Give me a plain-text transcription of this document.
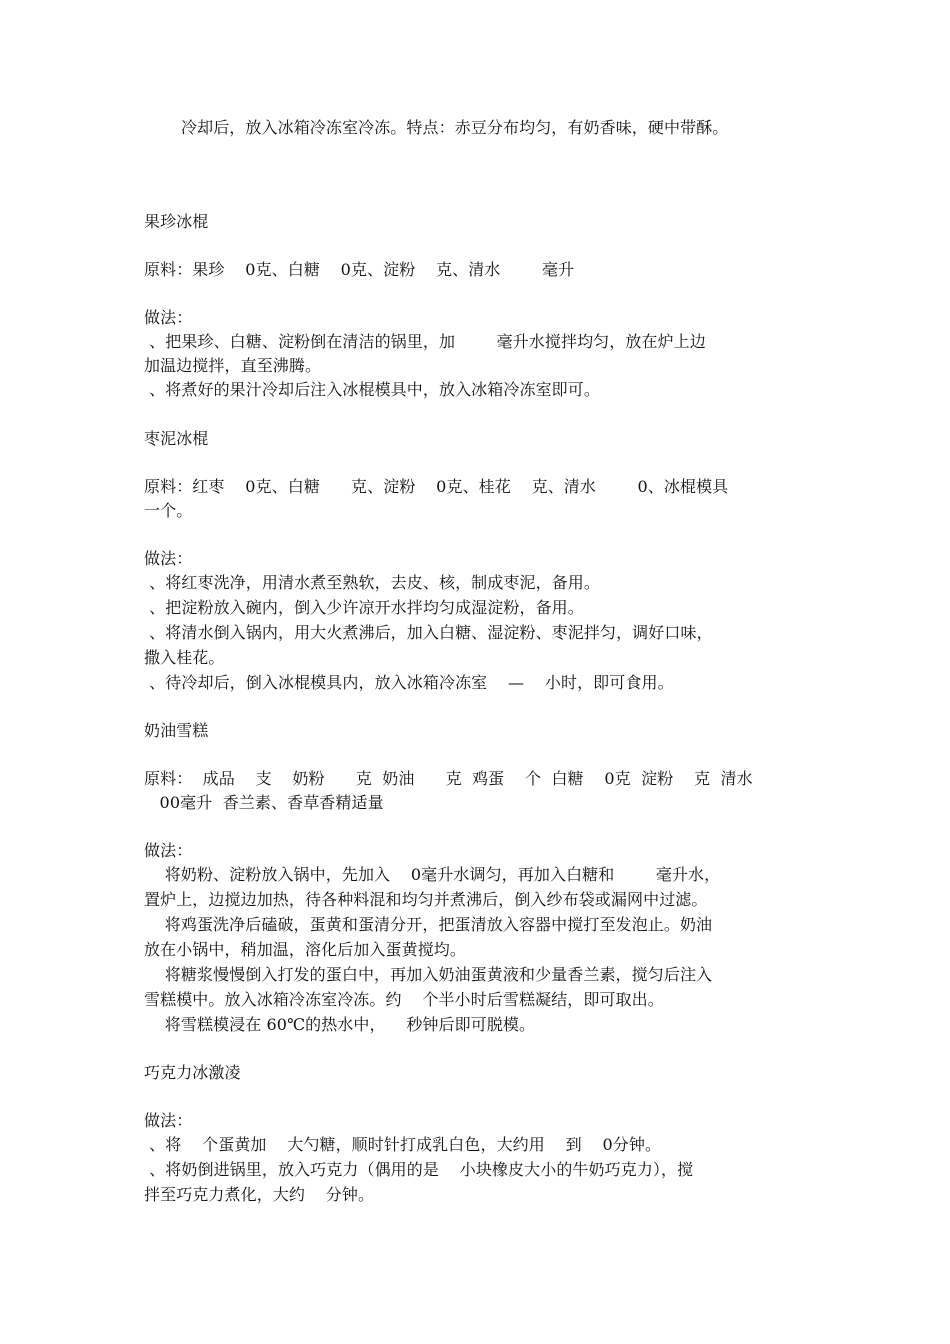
冷却后，放入冰箱冷冻室冷冻。特点：赤豆分布均匀，有奶香味，硬中带酥。
果珍冰棍
原料：果珍    0克、白糖    0克、淀粉    克、清水        毫升
做法：
、把果珍、白糖、淀粉倒在清洁的锅里，加        毫升水搅拌均匀，放在炉上边
加温边搅拌，直至沸腾。
、将煮好的果汁冷却后注入冰棍模具中，放入冰箱冷冻室即可。
枣泥冰棍
原料：红枣    0克、白糖      克、淀粉    0克、桂花    克、清水        0、冰棍模具
一个。
做法：
、将红枣洗净，用清水煮至熟软，去皮、核，制成枣泥，备用。
、把淀粉放入碗内，倒入少许凉开水拌均匀成湿淀粉，备用。
、将清水倒入锅内，用大火煮沸后，加入白糖、湿淀粉、枣泥拌匀，调好口味，
撒入桂花。
、待冷却后，倒入冰棍模具内，放入冰箱冷冻室    —    小时，即可食用。
奶油雪糕
原料：  成品    支    奶粉      克  奶油      克  鸡蛋    个  白糖    0克  淀粉    克  清水
00毫升  香兰素、香草香精适量
做法：
将奶粉、淀粉放入锅中，先加入    0毫升水调匀，再加入白糖和        毫升水，
置炉上，边搅边加热，待各种料混和均匀并煮沸后，倒入纱布袋或漏网中过滤。
将鸡蛋洗净后磕破，蛋黄和蛋清分开，把蛋清放入容器中搅打至发泡止。奶油
放在小锅中，稍加温，溶化后加入蛋黄搅均。
将糖浆慢慢倒入打发的蛋白中，再加入奶油蛋黄液和少量香兰素，搅匀后注入
雪糕模中。放入冰箱冷冻室冷冻。约    个半小时后雪糕凝结，即可取出。
将雪糕模浸在 60℃的热水中，    秒钟后即可脱模。
巧克力冰激凌
做法：
、将    个蛋黄加    大勺糖，顺时针打成乳白色，大约用    到    0分钟。
、将奶倒进锅里，放入巧克力（偶用的是    小块橡皮大小的牛奶巧克力），搅
拌至巧克力煮化，大约    分钟。
